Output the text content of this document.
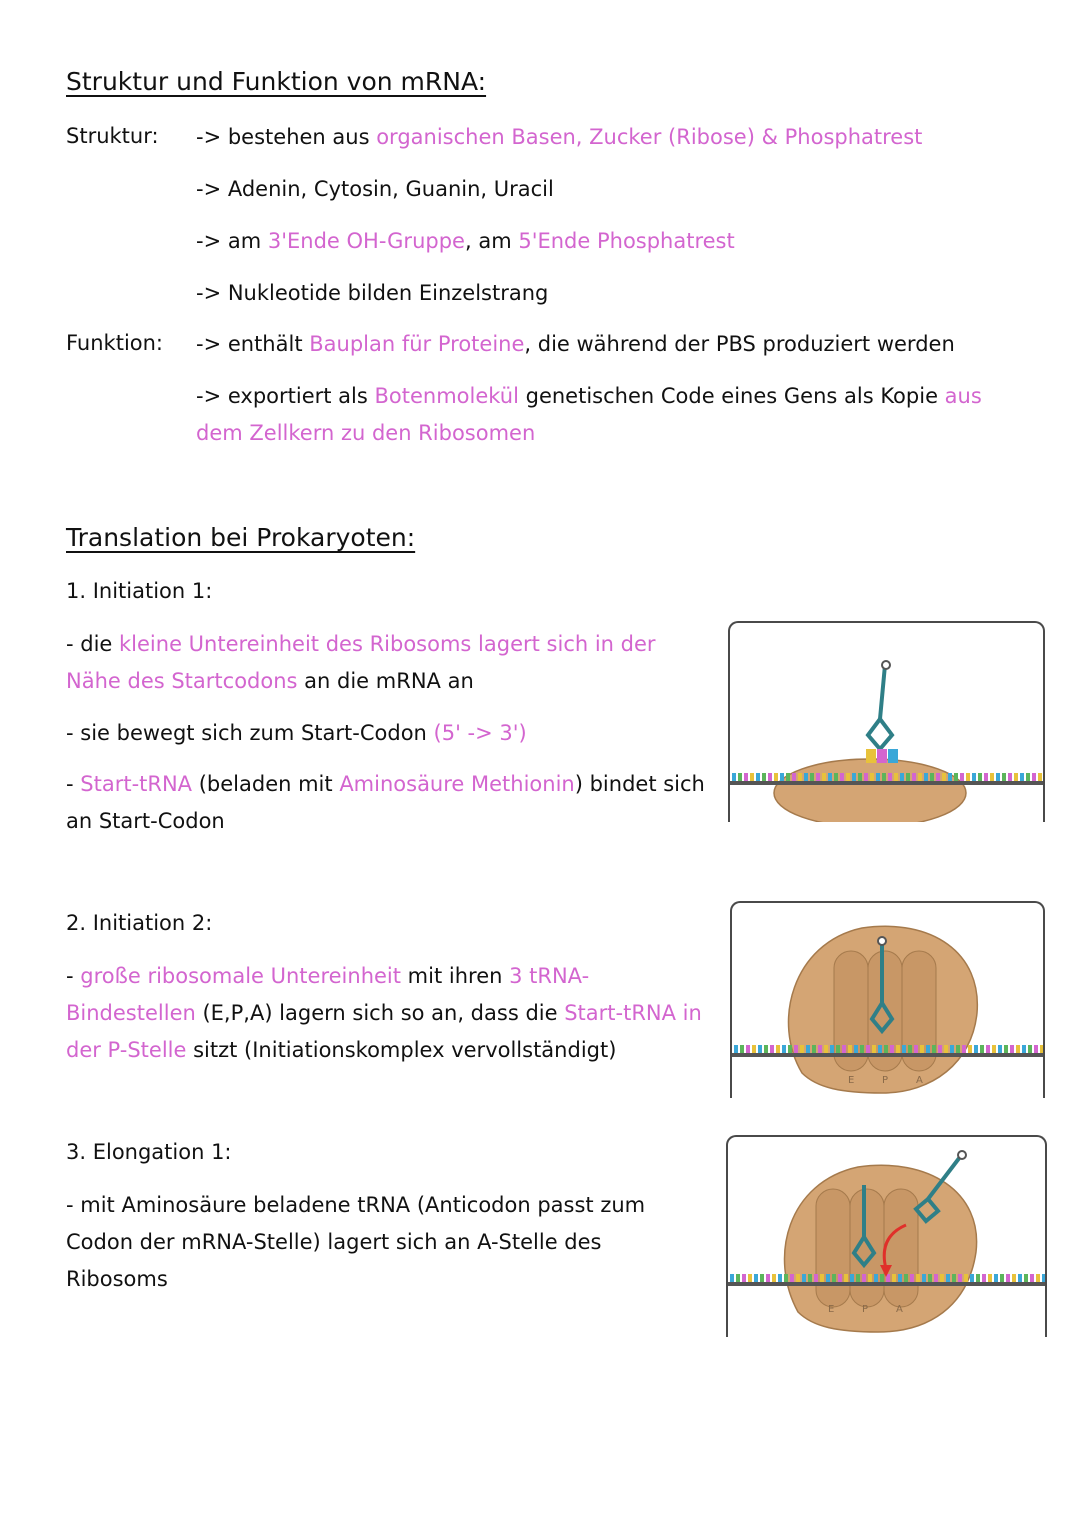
Struktur und Funktion von mRNA:
Struktur: -> bestehen aus organischen Basen, Zucker (Ribose) & Phosphatrest
-> Adenin, Cytosin, Guanin, Uracil
-> am 3'Ende OH-Gruppe, am 5'Ende Phosphatrest
-> Nukleotide bilden Einzelstrang
Funktion: -> enthält Bauplan für Proteine, die während der PBS produziert werden
-> exportiert als Botenmolekül genetischen Code eines Gens als Kopie aus dem Zellkern zu den Ribosomen
Translation bei Prokaryoten:
1. Initiation 1:
- die kleine Untereinheit des Ribosoms lagert sich in der Nähe des Startcodons an die mRNA an
- sie bewegt sich zum Start-Codon (5' -> 3')
- Start-tRNA (beladen mit Aminosäure Methionin) bindet sich an Start-Codon
2. Initiation 2:
- große ribosomale Untereinheit mit ihren 3 tRNA-Bindestellen (E,P,A) lagern sich so an, dass die Start-tRNA in der P-Stelle sitzt (Initiationskomplex vervollständigt)
E	P	A
3. Elongation 1:
- mit Aminosäure beladene tRNA (Anticodon passt zum Codon der mRNA-Stelle) lagert sich an A-Stelle des Ribosoms
E	P	A
